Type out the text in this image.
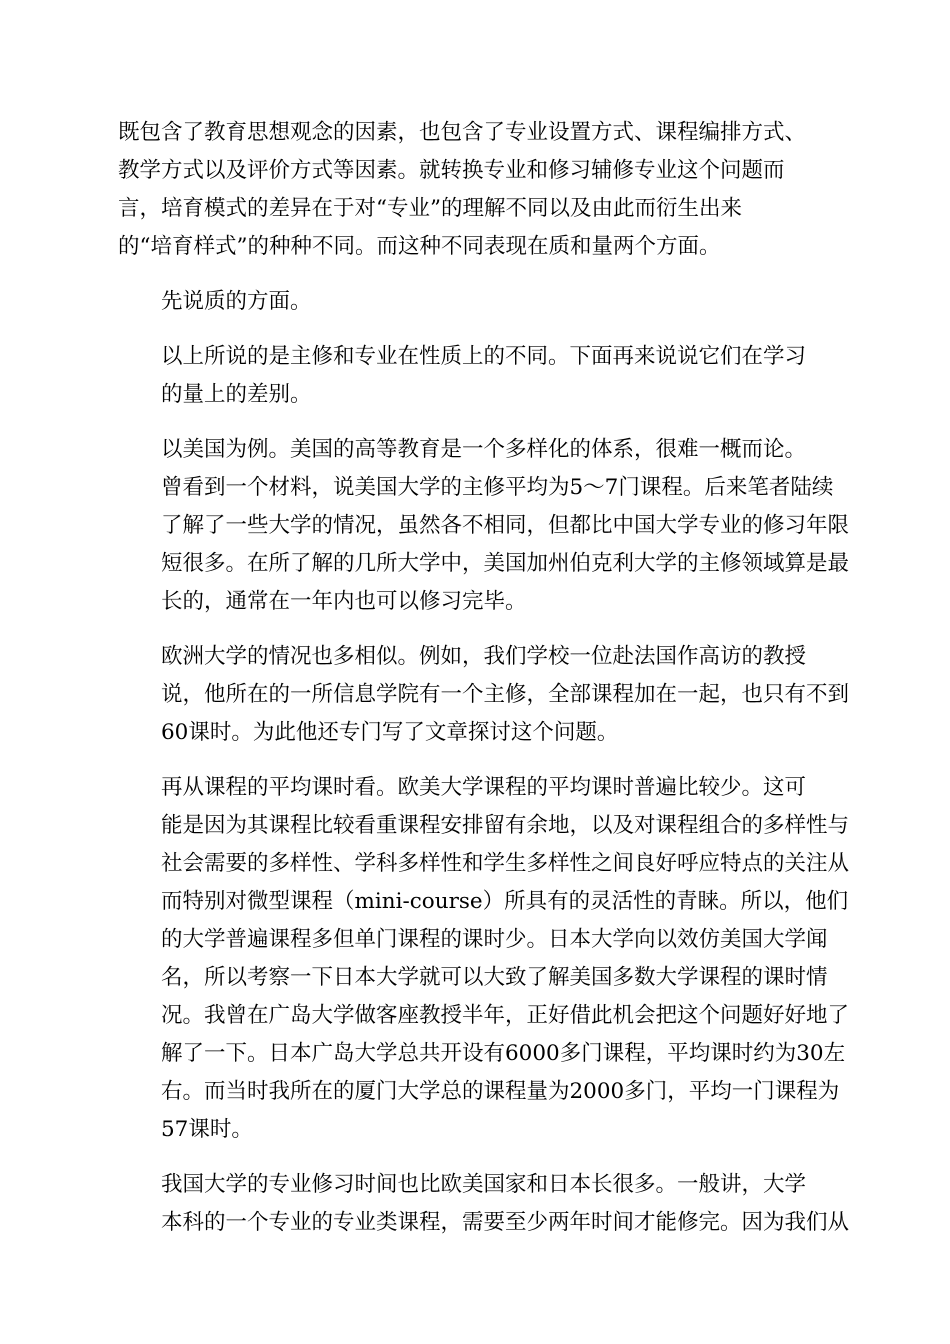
既包含了教育思想观念的因素，也包含了专业设置方式、课程编排方式、
教学方式以及评价方式等因素。就转换专业和修习辅修专业这个问题而
言，培育模式的差异在于对“专业”的理解不同以及由此而衍生出来
的“培育样式”的种种不同。而这种不同表现在质和量两个方面。

先说质的方面。

以上所说的是主修和专业在性质上的不同。下面再来说说它们在学习
的量上的差别。

以美国为例。美国的高等教育是一个多样化的体系，很难一概而论。
曾看到一个材料，说美国大学的主修平均为5～7门课程。后来笔者陆续
了解了一些大学的情况，虽然各不相同，但都比中国大学专业的修习年限
短很多。在所了解的几所大学中，美国加州伯克利大学的主修领域算是最
长的，通常在一年内也可以修习完毕。

欧洲大学的情况也多相似。例如，我们学校一位赴法国作高访的教授
说，他所在的一所信息学院有一个主修，全部课程加在一起，也只有不到
60课时。为此他还专门写了文章探讨这个问题。

再从课程的平均课时看。欧美大学课程的平均课时普遍比较少。这可
能是因为其课程比较看重课程安排留有余地，以及对课程组合的多样性与
社会需要的多样性、学科多样性和学生多样性之间良好呼应特点的关注从
而特别对微型课程（mini-course）所具有的灵活性的青睐。所以，他们
的大学普遍课程多但单门课程的课时少。日本大学向以效仿美国大学闻
名，所以考察一下日本大学就可以大致了解美国多数大学课程的课时情
况。我曾在广岛大学做客座教授半年，正好借此机会把这个问题好好地了
解了一下。日本广岛大学总共开设有6000多门课程，平均课时约为30左
右。而当时我所在的厦门大学总的课程量为2000多门，平均一门课程为
57课时。

我国大学的专业修习时间也比欧美国家和日本长很多。一般讲，大学
本科的一个专业的专业类课程，需要至少两年时间才能修完。因为我们从
